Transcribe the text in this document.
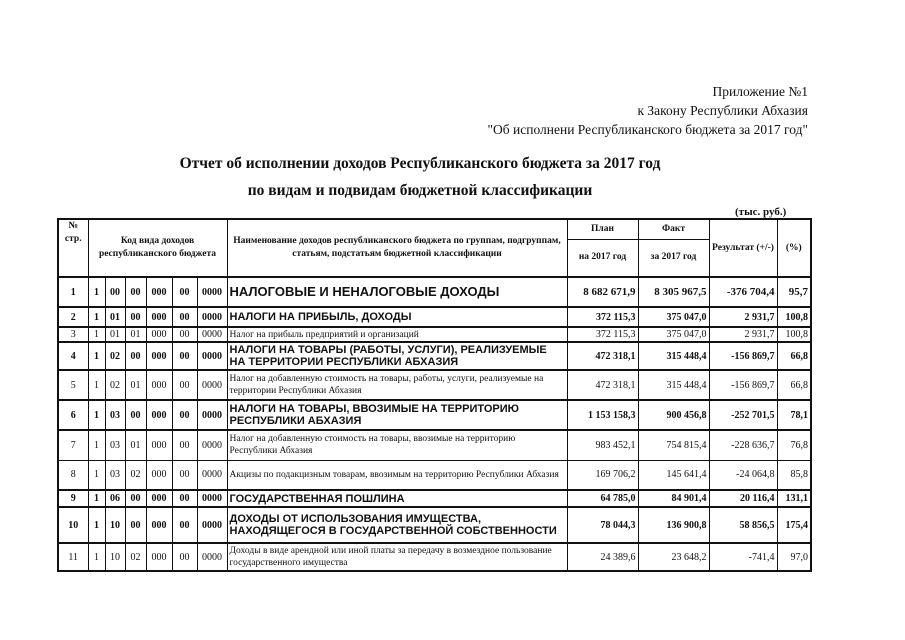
Приложение №1
к Закону Республики Абхазия
"Об исполнени Республиканского бюджета за 2017 год"
Отчет об исполнении доходов Республиканского бюджета за 2017 год
по видам и подвидам бюджетной классификации
(тыс. руб.)
№ стр.	Код вида доходов республиканского бюджета						Наименование доходов республиканского бюджета по группам, подгруппам, статьям, подстатьям бюджетной классификации	План	Факт	Результат (+/-)	(%)
								на 2017 год	за 2017 год		
1	1	00	00	000	00	0000	НАЛОГОВЫЕ И НЕНАЛОГОВЫЕ ДОХОДЫ	8 682 671,9	8 305 967,5	-376 704,4	95,7
2	1	01	00	000	00	0000	НАЛОГИ НА ПРИБЫЛЬ, ДОХОДЫ	372 115,3	375 047,0	2 931,7	100,8
3	1	01	01	000	00	0000	Налог на прибыль предприятий и организаций	372 115,3	375 047,0	2 931,7	100,8
4	1	02	00	000	00	0000	НАЛОГИ НА ТОВАРЫ (РАБОТЫ, УСЛУГИ), РЕАЛИЗУЕМЫЕ НА ТЕРРИТОРИИ РЕСПУБЛИКИ АБХАЗИЯ	472 318,1	315 448,4	-156 869,7	66,8
5	1	02	01	000	00	0000	Налог на добавленную стоимость на товары, работы, услуги, реализуемые на территории Республики Абхазия	472 318,1	315 448,4	-156 869,7	66,8
6	1	03	00	000	00	0000	НАЛОГИ НА ТОВАРЫ, ВВОЗИМЫЕ НА ТЕРРИТОРИЮ РЕСПУБЛИКИ АБХАЗИЯ	1 153 158,3	900 456,8	-252 701,5	78,1
7	1	03	01	000	00	0000	Налог на добавленную стоимость на товары, ввозимые на территорию Республики Абхазия	983 452,1	754 815,4	-228 636,7	76,8
8	1	03	02	000	00	0000	Акцизы по подакцизным товарам, ввозимым на территорию Республики Абхазия	169 706,2	145 641,4	-24 064,8	85,8
9	1	06	00	000	00	0000	ГОСУДАРСТВЕННАЯ ПОШЛИНА	64 785,0	84 901,4	20 116,4	131,1
10	1	10	00	000	00	0000	ДОХОДЫ ОТ ИСПОЛЬЗОВАНИЯ ИМУЩЕСТВА, НАХОДЯЩЕГОСЯ В ГОСУДАРСТВЕННОЙ СОБСТВЕННОСТИ	78 044,3	136 900,8	58 856,5	175,4
11	1	10	02	000	00	0000	Доходы в виде арендной или иной платы за передачу в возмездное пользование государственного имущества	24 389,6	23 648,2	-741,4	97,0
